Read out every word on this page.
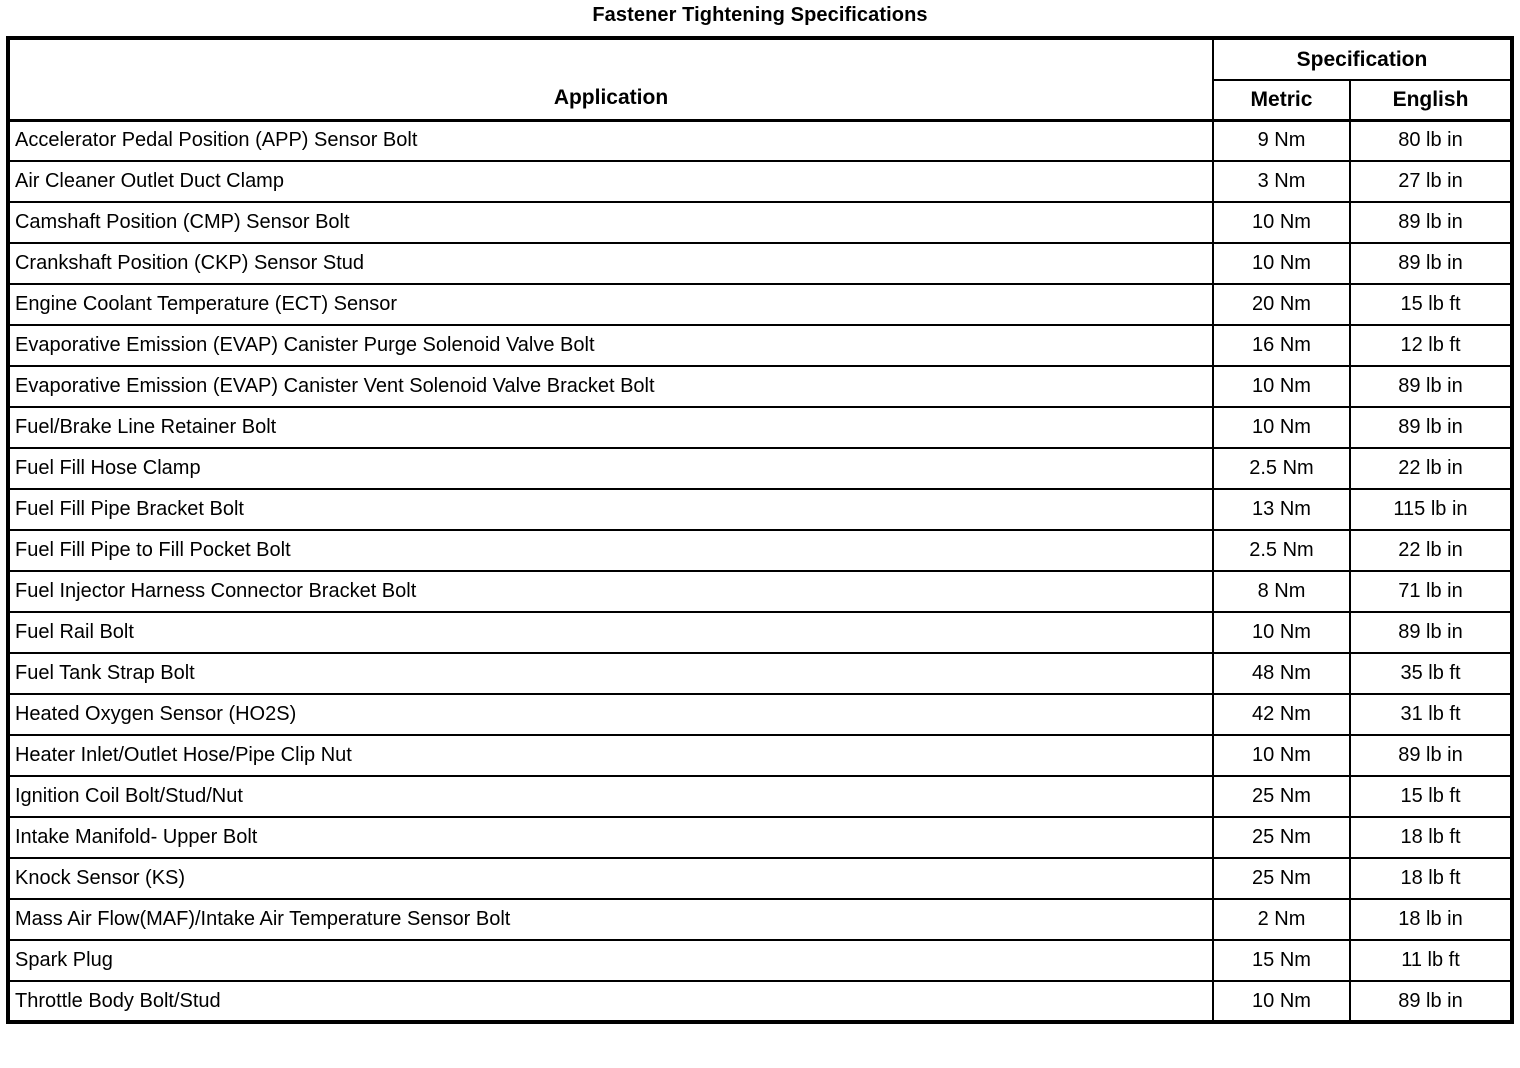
Fastener Tightening Specifications
Application	Specification	
	Metric	English
Accelerator Pedal Position (APP) Sensor Bolt	9 Nm	80 lb in
Air Cleaner Outlet Duct Clamp	3 Nm	27 lb in
Camshaft Position (CMP) Sensor Bolt	10 Nm	89 lb in
Crankshaft Position (CKP) Sensor Stud	10 Nm	89 lb in
Engine Coolant Temperature (ECT) Sensor	20 Nm	15 lb ft
Evaporative Emission (EVAP) Canister Purge Solenoid Valve Bolt	16 Nm	12 lb ft
Evaporative Emission (EVAP) Canister Vent Solenoid Valve Bracket Bolt	10 Nm	89 lb in
Fuel/Brake Line Retainer Bolt	10 Nm	89 lb in
Fuel Fill Hose Clamp	2.5 Nm	22 lb in
Fuel Fill Pipe Bracket Bolt	13 Nm	115 lb in
Fuel Fill Pipe to Fill Pocket Bolt	2.5 Nm	22 lb in
Fuel Injector Harness Connector Bracket Bolt	8 Nm	71 lb in
Fuel Rail Bolt	10 Nm	89 lb in
Fuel Tank Strap Bolt	48 Nm	35 lb ft
Heated Oxygen Sensor (HO2S)	42 Nm	31 lb ft
Heater Inlet/Outlet Hose/Pipe Clip Nut	10 Nm	89 lb in
Ignition Coil Bolt/Stud/Nut	25 Nm	15 lb ft
Intake Manifold- Upper Bolt	25 Nm	18 lb ft
Knock Sensor (KS)	25 Nm	18 lb ft
Mass Air Flow(MAF)/Intake Air Temperature Sensor Bolt	2 Nm	18 lb in
Spark Plug	15 Nm	11 lb ft
Throttle Body Bolt/Stud	10 Nm	89 lb in
